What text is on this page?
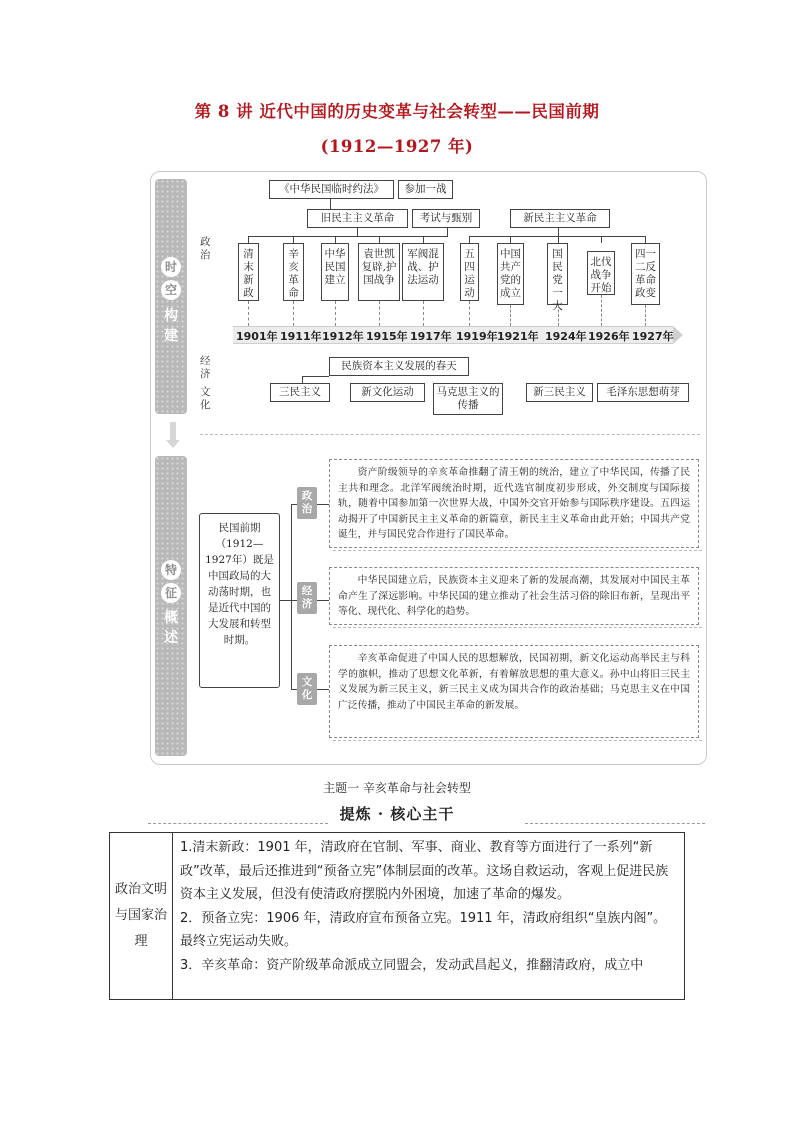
第 8 讲 近代中国的历史变革与社会转型——民国前期
(1912—1927 年)
时
空
构
建
特
征
概
述
政治
经济
文化
《中华民国临时约法》	参加一战
旧民主主义革命	考试与甄别	新民主主义革命
清末新政
辛亥革命
中华民国建立
袁世凯复辟,护国战争
军阀混战、护法运动
五四运动
中国共产党的成立
国民党一大
北伐战争开始
四一二反革命政变
1901年 1911年 1912年 1915年 1917年 1919年 1921年 1924年 1926年 1927年
民族资本主义发展的春天
三民主义	新文化运动	马克思主义的传播
新三民主义	毛泽东思想萌芽
民国前期（1912—1927年）既是中国政局的大动荡时期，也是近代中国的大发展和转型时期。
政治
经济
文化
资产阶级领导的辛亥革命推翻了清王朝的统治，建立了中华民国，传播了民主共和理念。北洋军阀统治时期，近代选官制度初步形成，外交制度与国际接轨，随着中国参加第一次世界大战，中国外交官开始参与国际秩序建设。五四运动揭开了中国新民主主义革命的新篇章，新民主主义革命由此开始；中国共产党诞生，并与国民党合作进行了国民革命。
中华民国建立后，民族资本主义迎来了新的发展高潮，其发展对中国民主革命产生了深远影响。中华民国的建立推动了社会生活习俗的除旧布新，呈现出平等化、现代化、科学化的趋势。
辛亥革命促进了中国人民的思想解放，民国初期，新文化运动高举民主与科学的旗帜，推动了思想文化革新，有着解放思想的重大意义。孙中山将旧三民主义发展为新三民主义，新三民主义成为国共合作的政治基础；马克思主义在中国广泛传播，推动了中国民主革命的新发展。
主题一 辛亥革命与社会转型
提炼 · 核心主干
政治文明与国家治理

1.清末新政：1901 年，清政府在官制、军事、商业、教育等方面进行了一系列“新政”改革，最后还推进到“预备立宪”体制层面的改革。这场自救运动，客观上促进民族资本主义发展，但没有使清政府摆脱内外困境，加速了革命的爆发。

2．预备立宪：1906 年，清政府宣布预备立宪。1911 年，清政府组织“皇族内阁”。最终立宪运动失败。

3．辛亥革命：资产阶级革命派成立同盟会，发动武昌起义，推翻清政府，成立中
